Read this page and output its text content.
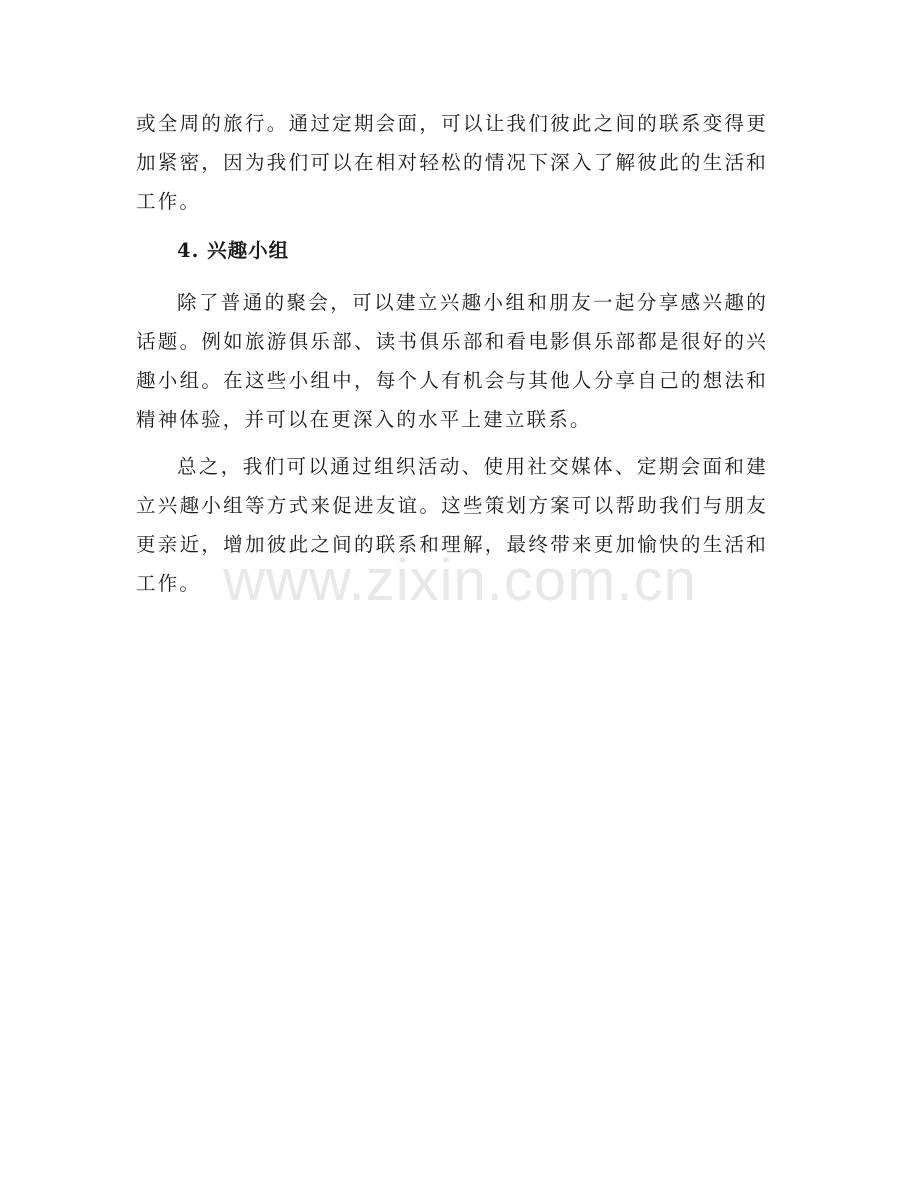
或全周的旅行。通过定期会面，可以让我们彼此之间的联系变得更加紧密，因为我们可以在相对轻松的情况下深入了解彼此的生活和工作。

4. 兴趣小组

除了普通的聚会，可以建立兴趣小组和朋友一起分享感兴趣的话题。例如旅游俱乐部、读书俱乐部和看电影俱乐部都是很好的兴趣小组。在这些小组中，每个人有机会与其他人分享自己的想法和精神体验，并可以在更深入的水平上建立联系。

总之，我们可以通过组织活动、使用社交媒体、定期会面和建立兴趣小组等方式来促进友谊。这些策划方案可以帮助我们与朋友更亲近，增加彼此之间的联系和理解，最终带来更加愉快的生活和工作。 www.zixin.com.cn
